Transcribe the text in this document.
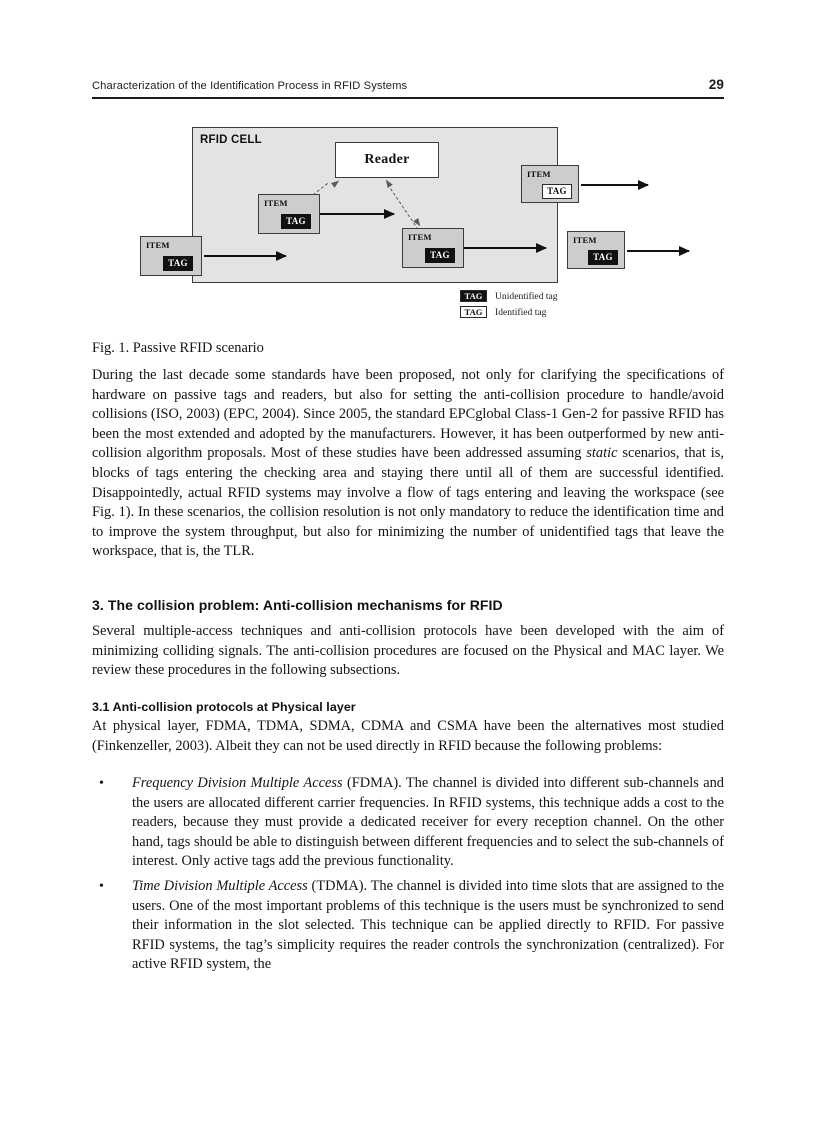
Characterization of the Identification Process in RFID Systems	29
RFID CELL
Reader
ITEM
TAG
ITEM
TAG
ITEM
TAG
ITEM
TAG
ITEM
TAG
TAG	Unidentified tag
TAG	Identified tag
Fig. 1. Passive RFID scenario
During the last decade some standards have been proposed, not only for clarifying the specifications of hardware on passive tags and readers, but also for setting the anti-collision procedure to handle/avoid collisions (ISO, 2003) (EPC, 2004). Since 2005, the standard EPCglobal Class-1 Gen-2 for passive RFID has been the most extended and adopted by the manufacturers. However, it has been outperformed by new anti-collision algorithm proposals. Most of these studies have been addressed assuming static scenarios, that is, blocks of tags entering the checking area and staying there until all of them are successful identified. Disappointedly, actual RFID systems may involve a flow of tags entering and leaving the workspace (see Fig. 1). In these scenarios, the collision resolution is not only mandatory to reduce the identification time and to improve the system throughput, but also for minimizing the number of unidentified tags that leave the workspace, that is, the TLR.
3. The collision problem: Anti-collision mechanisms for RFID
Several multiple-access techniques and anti-collision protocols have been developed with the aim of minimizing colliding signals. The anti-collision procedures are focused on the Physical and MAC layer. We review these procedures in the following subsections.
3.1 Anti-collision protocols at Physical layer
At physical layer, FDMA, TDMA, SDMA, CDMA and CSMA have been the alternatives most studied (Finkenzeller, 2003). Albeit they can not be used directly in RFID because the following problems:
• Frequency Division Multiple Access (FDMA). The channel is divided into different sub-channels and the users are allocated different carrier frequencies. In RFID systems, this technique adds a cost to the readers, because they must provide a dedicated receiver for every reception channel. On the other hand, tags should be able to distinguish between different frequencies and to select the sub-channels of interest. Only active tags add the previous functionality.
• Time Division Multiple Access (TDMA). The channel is divided into time slots that are assigned to the users. One of the most important problems of this technique is the users must be synchronized to send their information in the slot selected. This technique can be applied directly to RFID. For passive RFID systems, the tag’s simplicity requires the reader controls the synchronization (centralized). For active RFID system, the
